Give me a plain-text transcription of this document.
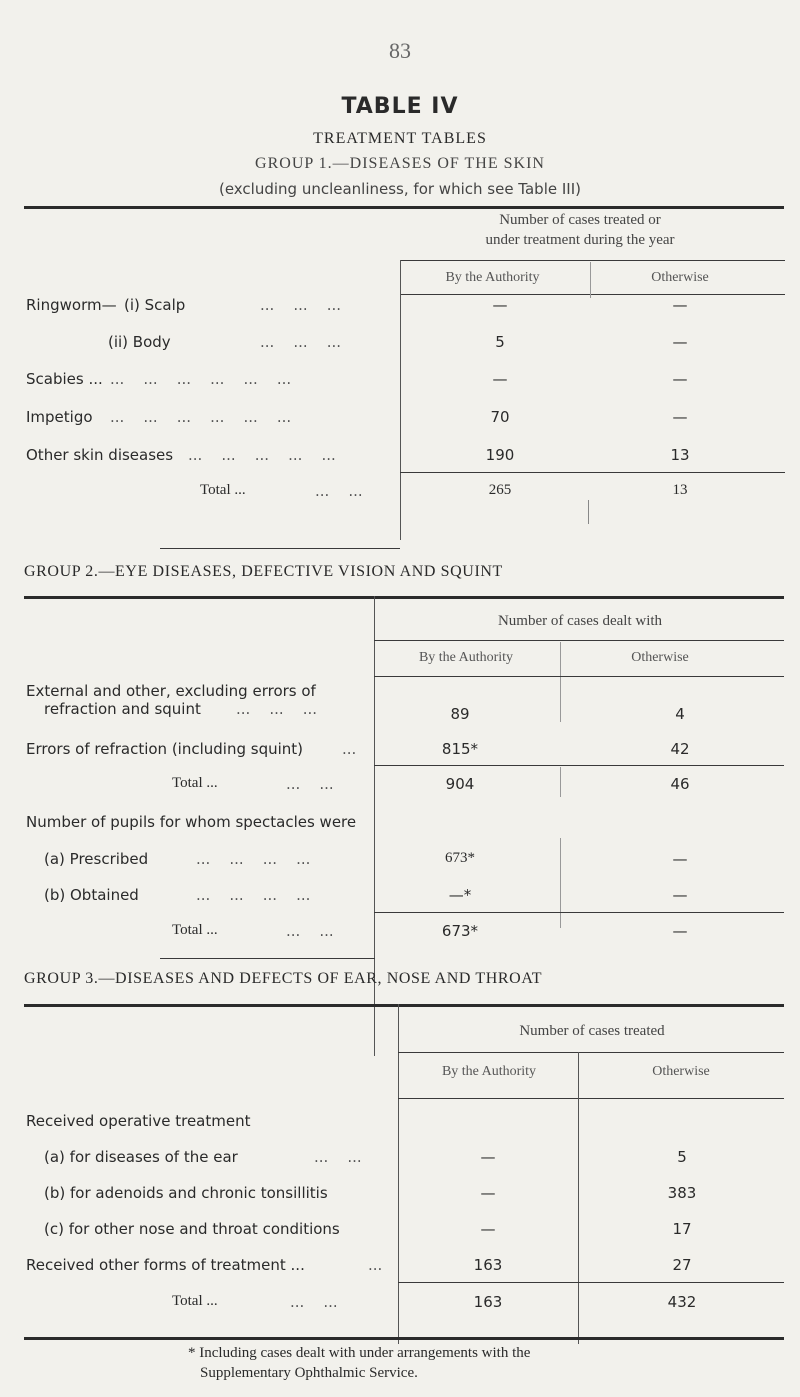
83
TABLE IV
TREATMENT TABLES
GROUP 1.—DISEASES OF THE SKIN
(excluding uncleanliness, for which see Table III)
Number of cases treated or
under treatment during the year
By the Authority	Otherwise
Ringworm— (i) Scalp	...    ...    ...	—	—
(ii) Body	...    ...    ...	5	—
Scabies ... ...    ...    ...    ...    ...    ...	—	—
Impetigo ...    ...    ...    ...    ...    ...	70	—
Other skin diseases ...    ...    ...    ...    ...	190	13
Total ...	...    ...	265	13
GROUP 2.—EYE DISEASES, DEFECTIVE VISION AND SQUINT
Number of cases dealt with
By the Authority	Otherwise
External and other, excluding errors of
refraction and squint ...    ...    ...	89	4
Errors of refraction (including squint)	...	815*	42
Total ...	...    ...	904	46
Number of pupils for whom spectacles were
(a) Prescribed	...    ...    ...    ...	673*	—
(b) Obtained	...    ...    ...    ...	—*	—
Total ...	...    ...	673*	—
GROUP 3.—DISEASES AND DEFECTS OF EAR, NOSE AND THROAT
Number of cases treated
By the Authority	Otherwise
Received operative treatment
(a) for diseases of the ear	...    ...	—	5
(b) for adenoids and chronic tonsillitis	—	383
(c) for other nose and throat conditions	—	17
Received other forms of treatment ...	...	163	27
Total ...	...    ...	163	432
* Including cases dealt with under arrangements with the
Supplementary Ophthalmic Service.
